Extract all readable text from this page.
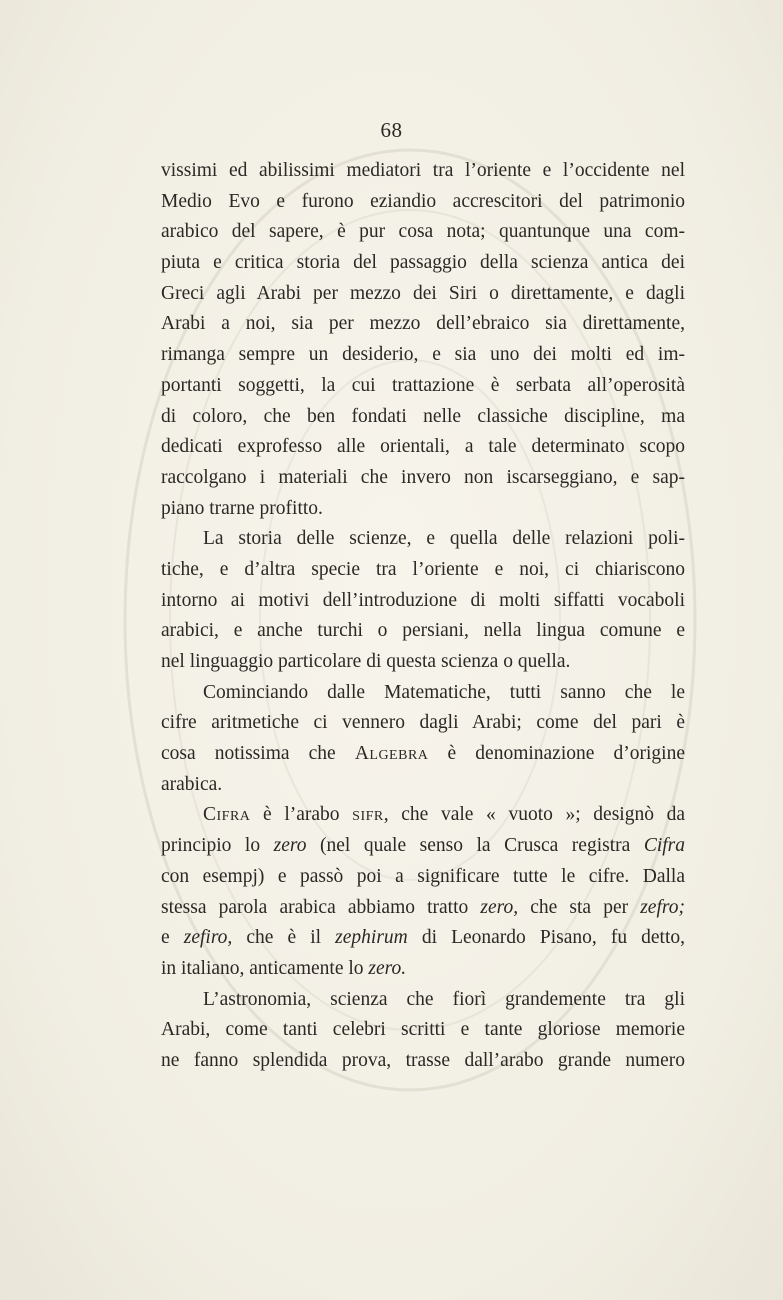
68
vissimi ed abilissimi mediatori tra l’oriente e l’occidente nel
Medio Evo e furono eziandio accrescitori del patrimonio
arabico del sapere, è pur cosa nota; quantunque una com-
piuta e critica storia del passaggio della scienza antica dei
Greci agli Arabi per mezzo dei Siri o direttamente, e dagli
Arabi a noi, sia per mezzo dell’ebraico sia direttamente,
rimanga sempre un desiderio, e sia uno dei molti ed im-
portanti soggetti, la cui trattazione è serbata all’operosità
di coloro, che ben fondati nelle classiche discipline, ma
dedicati exprofesso alle orientali, a tale determinato scopo
raccolgano i materiali che invero non iscarseggiano, e sap-
piano trarne profitto.
La storia delle scienze, e quella delle relazioni poli-
tiche, e d’altra specie tra l’oriente e noi, ci chiariscono
intorno ai motivi dell’introduzione di molti siffatti vocaboli
arabici, e anche turchi o persiani, nella lingua comune e
nel linguaggio particolare di questa scienza o quella.
Cominciando dalle Matematiche, tutti sanno che le
cifre aritmetiche ci vennero dagli Arabi; come del pari è
cosa notissima che Algebra è denominazione d’origine
arabica.
Cifra è l’arabo sifr, che vale « vuoto »; designò da
principio lo zero (nel quale senso la Crusca registra Cifra
con esempj) e passò poi a significare tutte le cifre. Dalla
stessa parola arabica abbiamo tratto zero, che sta per zefro;
e zefiro, che è il zephirum di Leonardo Pisano, fu detto,
in italiano, anticamente lo zero.
L’astronomia, scienza che fiorì grandemente tra gli
Arabi, come tanti celebri scritti e tante gloriose memorie
ne fanno splendida prova, trasse dall’arabo grande numero
